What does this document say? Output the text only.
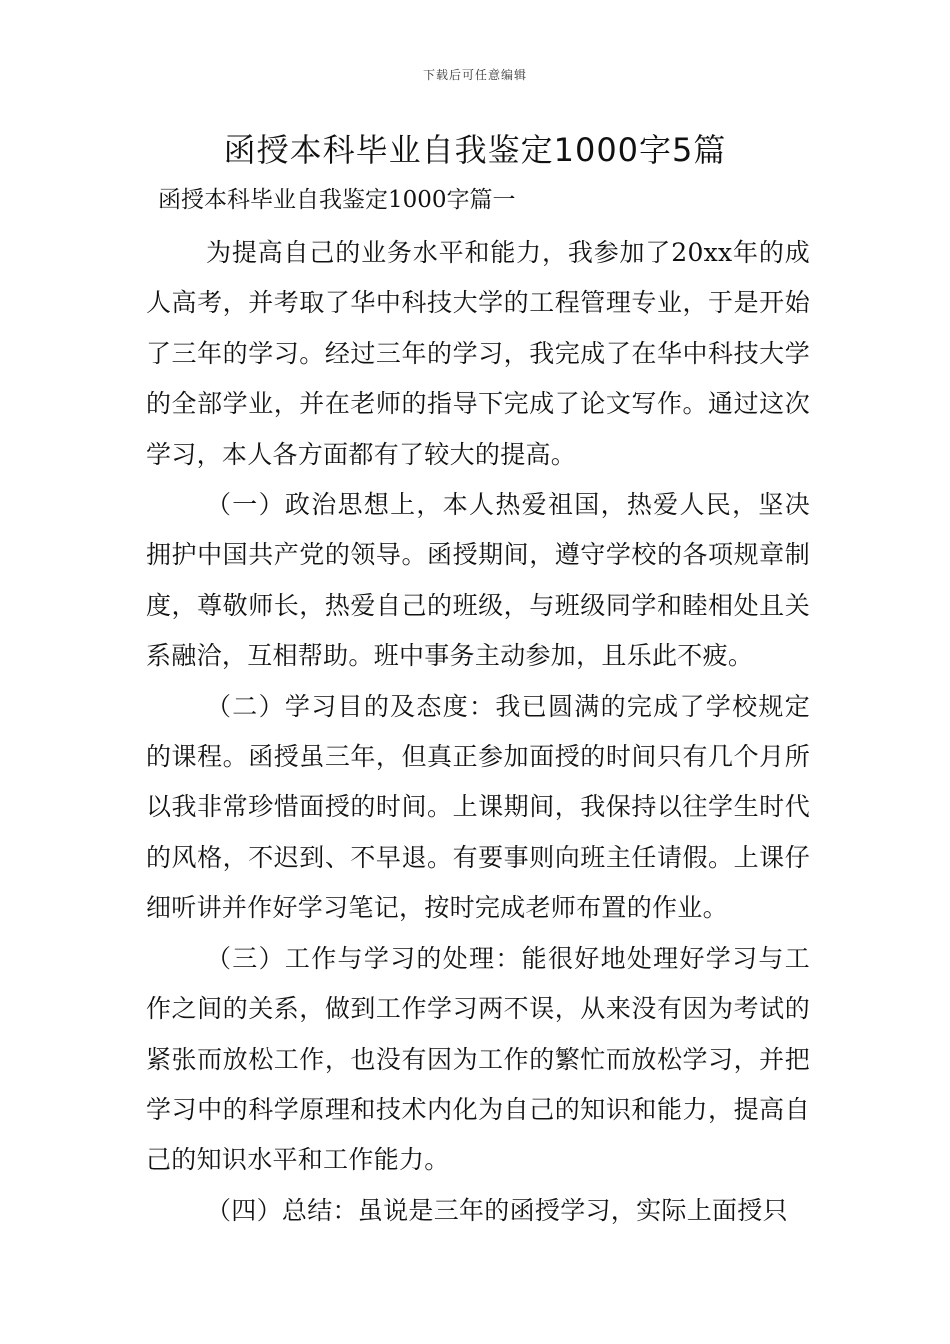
下载后可任意编辑
函授本科毕业自我鉴定1000字5篇
函授本科毕业自我鉴定1000字篇一

为提高自己的业务水平和能力，我参加了20xx年的成人高考，并考取了华中科技大学的工程管理专业，于是开始了三年的学习。经过三年的学习，我完成了在华中科技大学的全部学业，并在老师的指导下完成了论文写作。通过这次学习，本人各方面都有了较大的提高。

（一）政治思想上，本人热爱祖国，热爱人民，坚决拥护中国共产党的领导。函授期间，遵守学校的各项规章制度，尊敬师长，热爱自己的班级，与班级同学和睦相处且关系融洽，互相帮助。班中事务主动参加，且乐此不疲。

（二）学习目的及态度：我已圆满的完成了学校规定的课程。函授虽三年，但真正参加面授的时间只有几个月所以我非常珍惜面授的时间。上课期间，我保持以往学生时代的风格，不迟到、不早退。有要事则向班主任请假。上课仔细听讲并作好学习笔记，按时完成老师布置的作业。

（三）工作与学习的处理：能很好地处理好学习与工作之间的关系，做到工作学习两不误，从来没有因为考试的紧张而放松工作，也没有因为工作的繁忙而放松学习，并把学习中的科学原理和技术内化为自己的知识和能力，提高自己的知识水平和工作能力。

（四）总结：虽说是三年的函授学习，实际上面授只
